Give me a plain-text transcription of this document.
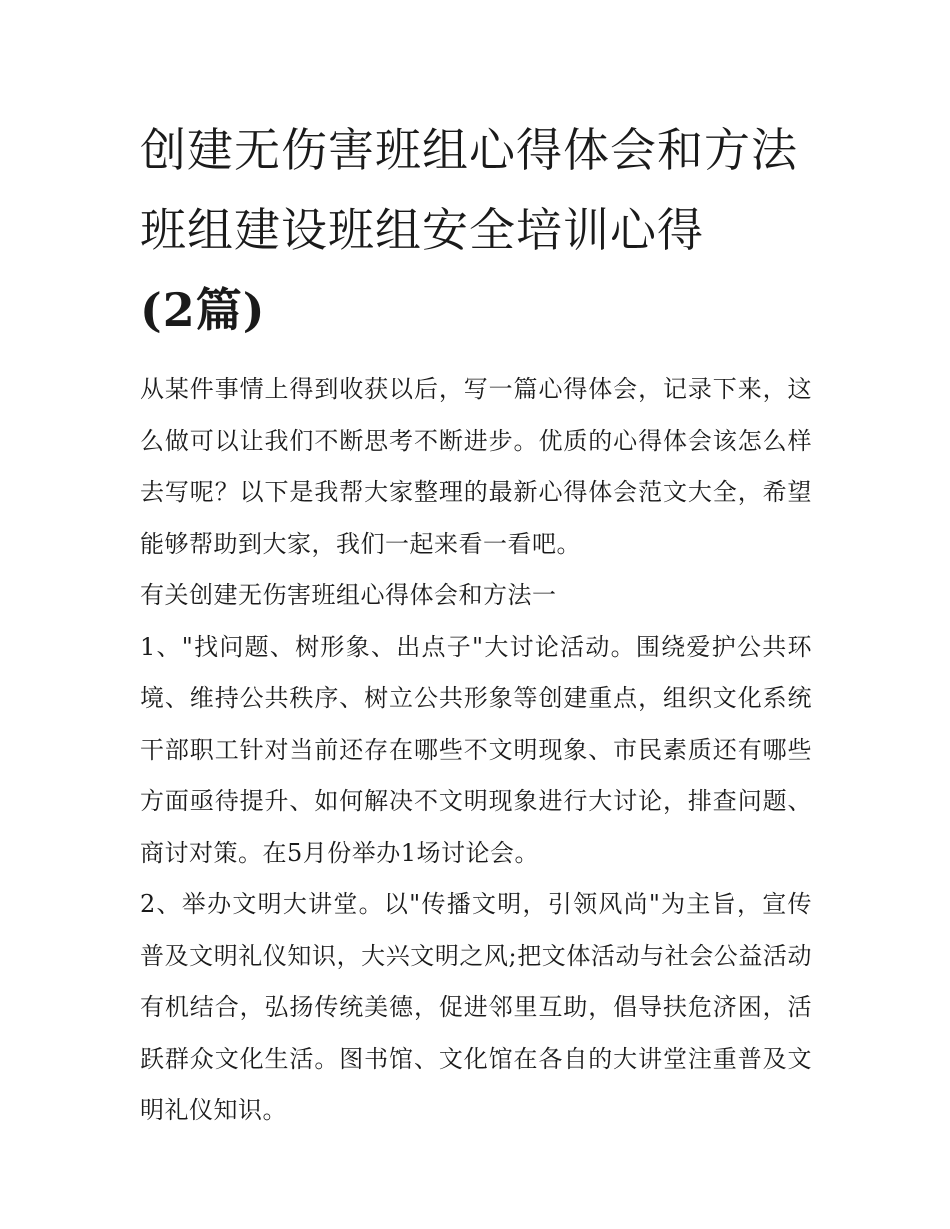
创建无伤害班组心得体会和方法 班组建设班组安全培训心得
(2篇)

从某件事情上得到收获以后，写一篇心得体会，记录下来，这么做可以让我们不断思考不断进步。优质的心得体会该怎么样去写呢？以下是我帮大家整理的最新心得体会范文大全，希望能够帮助到大家，我们一起来看一看吧。

有关创建无伤害班组心得体会和方法一

1、"找问题、树形象、出点子"大讨论活动。围绕爱护公共环境、维持公共秩序、树立公共形象等创建重点，组织文化系统干部职工针对当前还存在哪些不文明现象、市民素质还有哪些方面亟待提升、如何解决不文明现象进行大讨论，排查问题、商讨对策。在5月份举办1场讨论会。

2、举办文明大讲堂。以"传播文明，引领风尚"为主旨，宣传普及文明礼仪知识，大兴文明之风;把文体活动与社会公益活动有机结合，弘扬传统美德，促进邻里互助，倡导扶危济困，活跃群众文化生活。图书馆、文化馆在各自的大讲堂注重普及文明礼仪知识。
